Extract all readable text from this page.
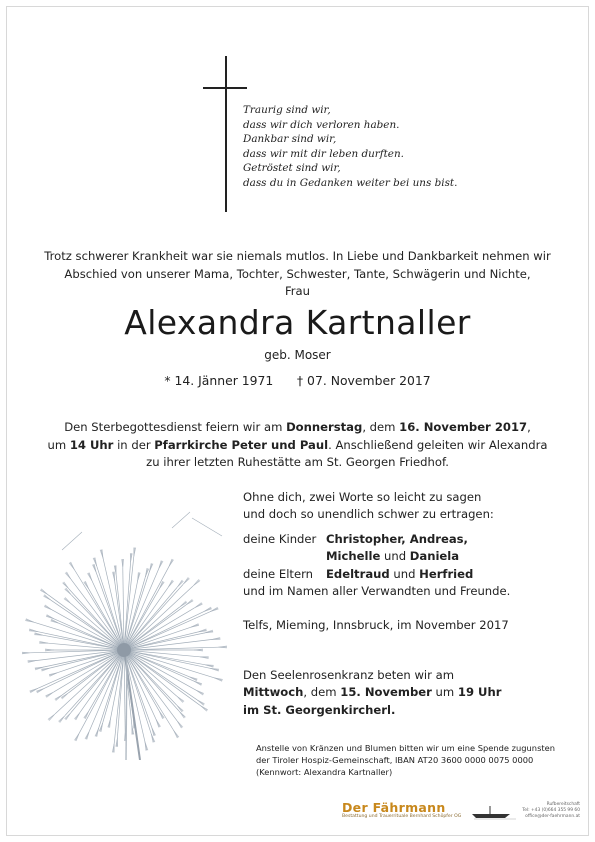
Traurig sind wir,
dass wir dich verloren haben.
Dankbar sind wir,
dass wir mit dir leben durften.
Getröstet sind wir,
dass du in Gedanken weiter bei uns bist.
Trotz schwerer Krankheit war sie niemals mutlos. In Liebe und Dankbarkeit nehmen wir
Abschied von unserer Mama, Tochter, Schwester, Tante, Schwägerin und Nichte,
Frau
Alexandra Kartnaller
geb. Moser
* 14. Jänner 1971 † 07. November 2017
Den Sterbegottesdienst feiern wir am Donnerstag, dem 16. November 2017,
um 14 Uhr in der Pfarrkirche Peter und Paul. Anschließend geleiten wir Alexandra
zu ihrer letzten Ruhestätte am St. Georgen Friedhof.
Ohne dich, zwei Worte so leicht zu sagen
und doch so unendlich schwer zu ertragen:
deine Kinder Christopher, Andreas,
Michelle und Daniela
deine Eltern Edeltraud und Herfried
und im Namen aller Verwandten und Freunde.
Telfs, Mieming, Innsbruck, im November 2017
Den Seelenrosenkranz beten wir am
Mittwoch, dem 15. November um 19 Uhr
im St. Georgenkircherl.
Anstelle von Kränzen und Blumen bitten wir um eine Spende zugunsten
der Tiroler Hospiz-Gemeinschaft, IBAN AT20 3600 0000 0075 0000
(Kennwort: Alexandra Kartnaller)
Der Fährmann
Bestattung und Trauerrituale Bernhard Schöpfer OG
Rufbereitschaft
Tel: +43 (0)664 355 99 60
office@der-faehrmann.at
